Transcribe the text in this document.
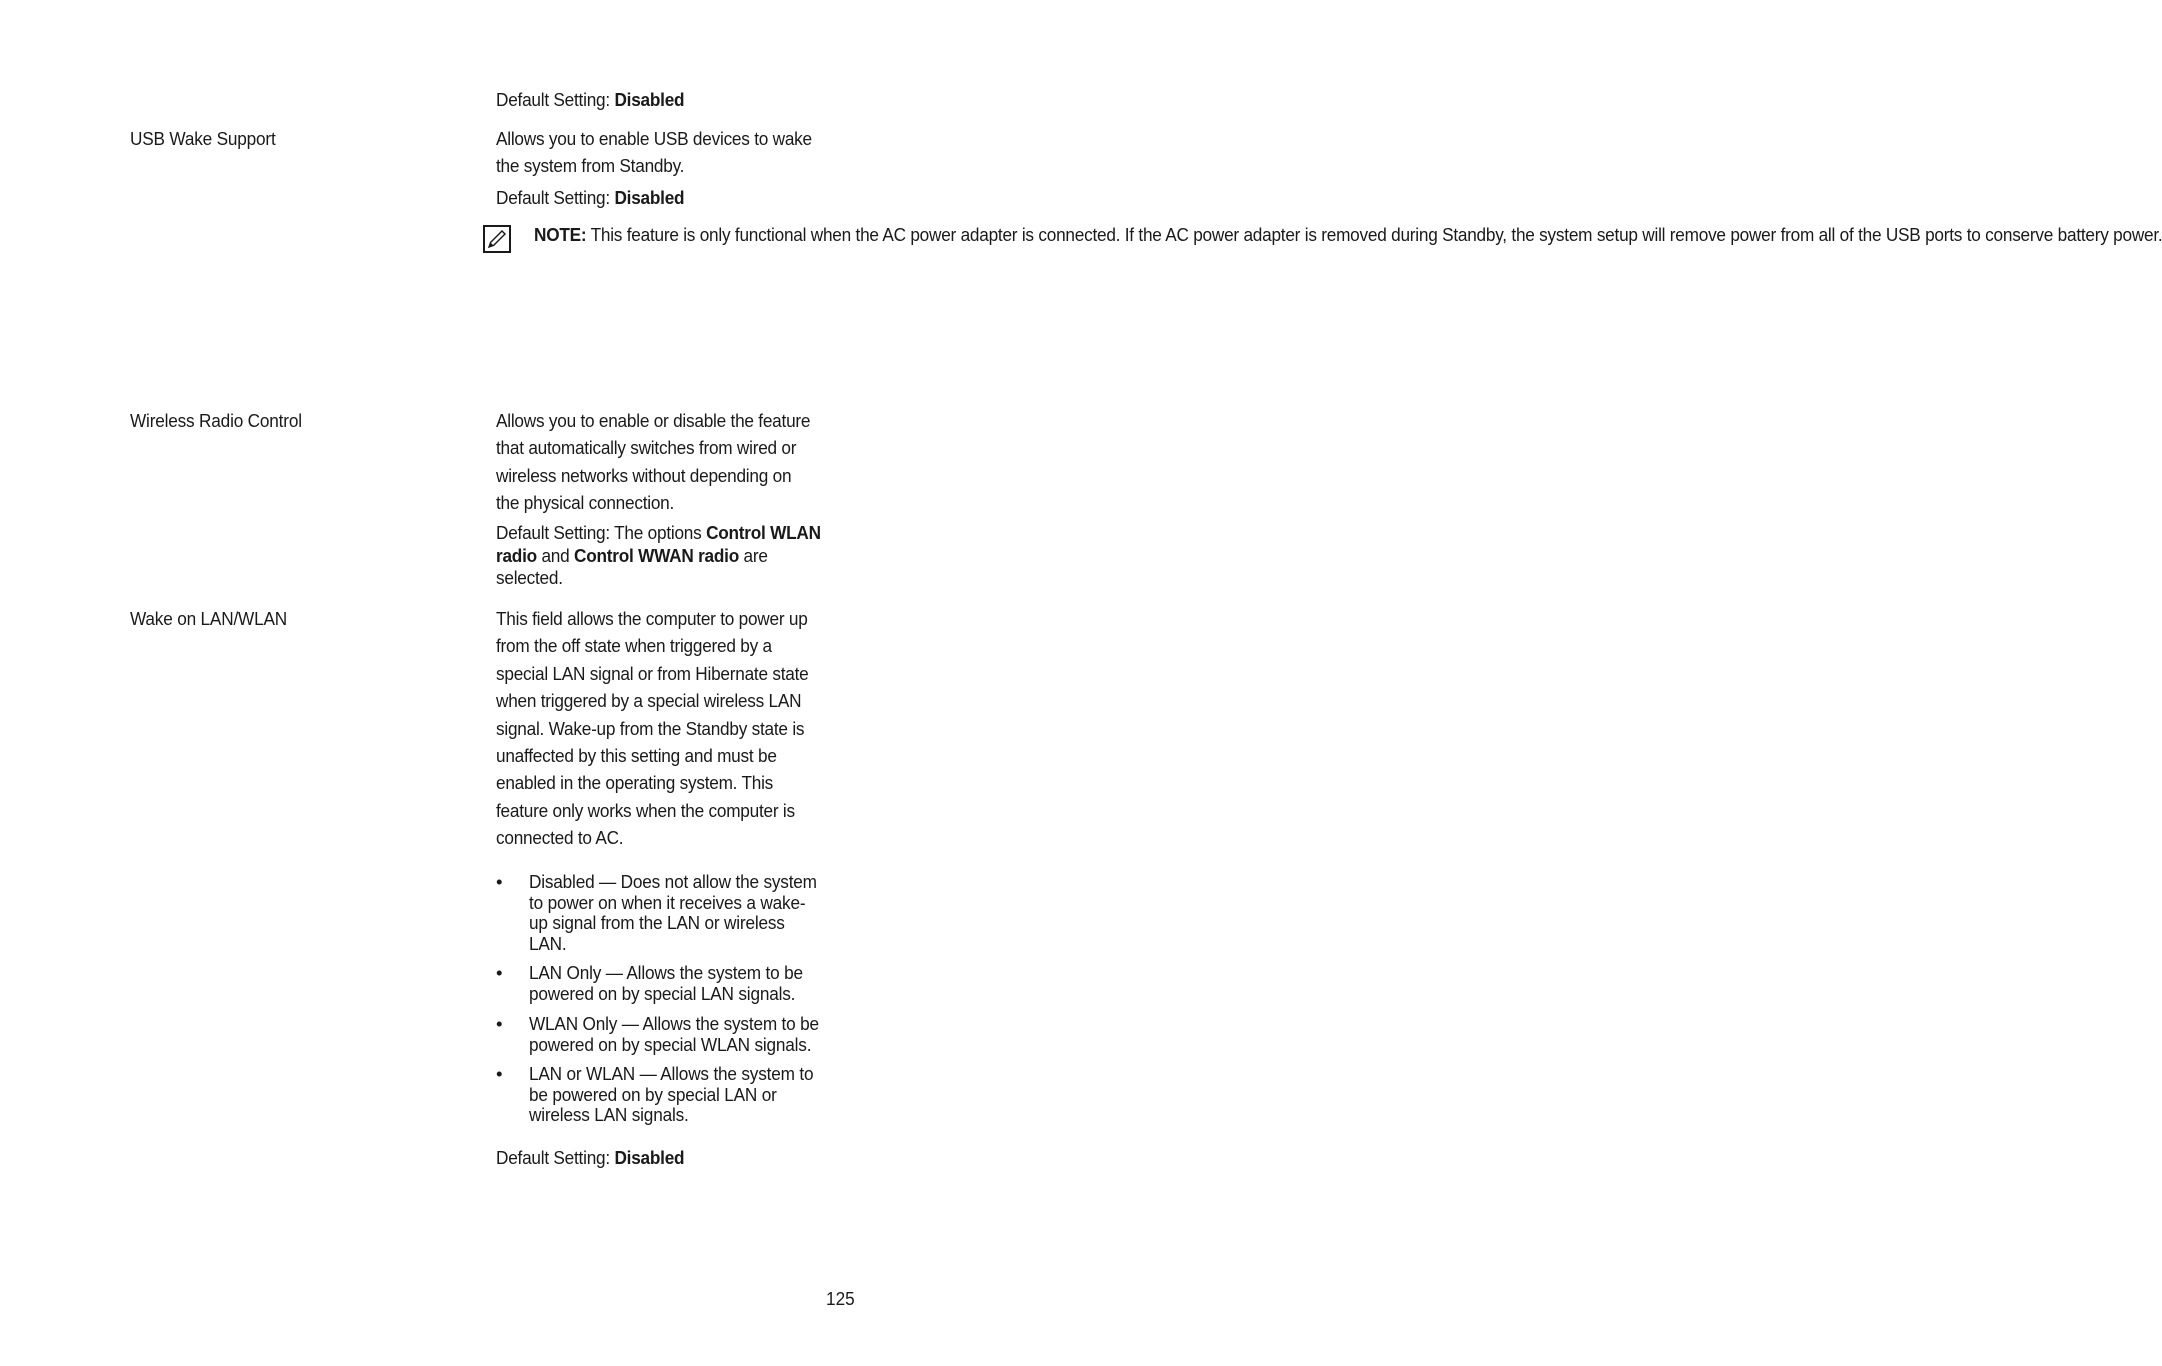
Default Setting: Disabled
USB Wake Support	Allows you to enable USB devices to wake
the system from Standby.
Default Setting: Disabled
NOTE: This feature is only functional when the AC power adapter is connected. If the AC power adapter is removed during Standby, the system setup will remove power from all of the USB ports to conserve battery power.
Wireless Radio Control	Allows you to enable or disable the feature
that automatically switches from wired or
wireless networks without depending on
the physical connection.
Default Setting: The options Control WLAN
radio and Control WWAN radio are
selected.
Wake on LAN/WLAN	This field allows the computer to power up
from the off state when triggered by a
special LAN signal or from Hibernate state
when triggered by a special wireless LAN
signal. Wake-up from the Standby state is
unaffected by this setting and must be
enabled in the operating system. This
feature only works when the computer is
connected to AC.
• Disabled — Does not allow the system
to power on when it receives a wake-
up signal from the LAN or wireless
LAN.
• LAN Only — Allows the system to be
powered on by special LAN signals.
• WLAN Only — Allows the system to be
powered on by special WLAN signals.
• LAN or WLAN — Allows the system to
be powered on by special LAN or
wireless LAN signals.
Default Setting: Disabled
125
